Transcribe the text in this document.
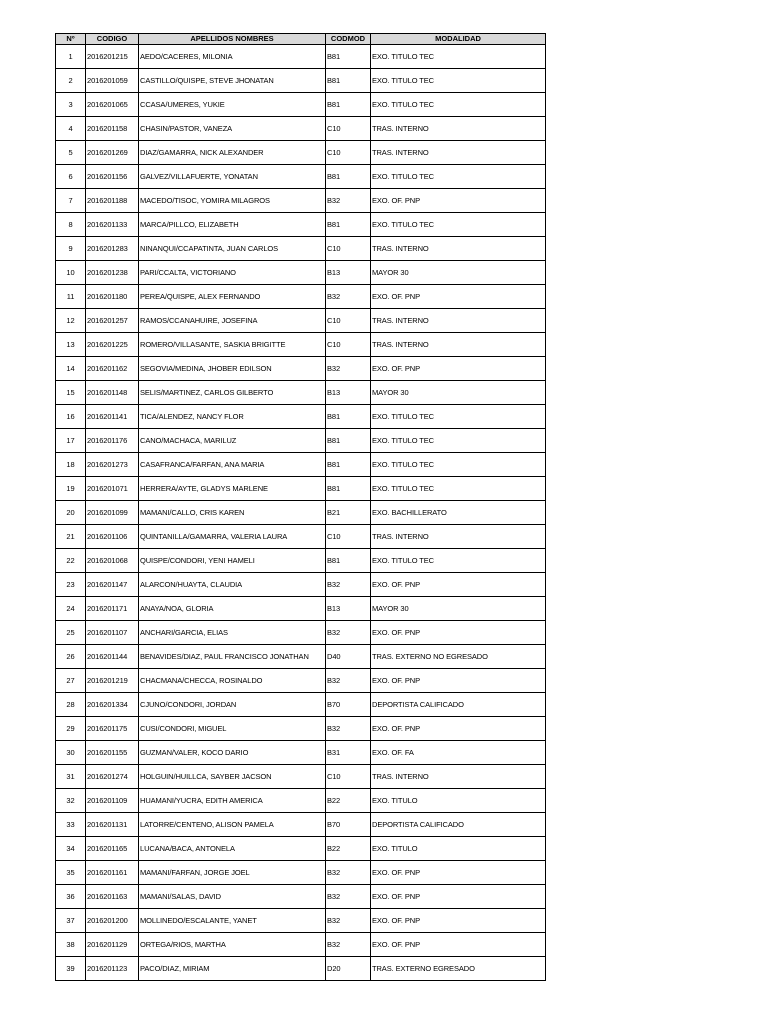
Nº	CODIGO	APELLIDOS NOMBRES	CODMOD	MODALIDAD
1	2016201215	AEDO/CACERES, MILONIA	B81	EXO. TITULO TEC
2	2016201059	CASTILLO/QUISPE, STEVE JHONATAN	B81	EXO. TITULO TEC
3	2016201065	CCASA/UMERES, YUKIE	B81	EXO. TITULO TEC
4	2016201158	CHASIN/PASTOR, VANEZA	C10	TRAS. INTERNO
5	2016201269	DIAZ/GAMARRA, NICK ALEXANDER	C10	TRAS. INTERNO
6	2016201156	GALVEZ/VILLAFUERTE, YONATAN	B81	EXO. TITULO TEC
7	2016201188	MACEDO/TISOC, YOMIRA MILAGROS	B32	EXO. OF. PNP
8	2016201133	MARCA/PILLCO, ELIZABETH	B81	EXO. TITULO TEC
9	2016201283	NINANQUI/CCAPATINTA, JUAN CARLOS	C10	TRAS. INTERNO
10	2016201238	PARI/CCALTA, VICTORIANO	B13	MAYOR 30
11	2016201180	PEREA/QUISPE, ALEX FERNANDO	B32	EXO. OF. PNP
12	2016201257	RAMOS/CCANAHUIRE, JOSEFINA	C10	TRAS. INTERNO
13	2016201225	ROMERO/VILLASANTE, SASKIA BRIGITTE	C10	TRAS. INTERNO
14	2016201162	SEGOVIA/MEDINA, JHOBER EDILSON	B32	EXO. OF. PNP
15	2016201148	SELIS/MARTINEZ, CARLOS GILBERTO	B13	MAYOR 30
16	2016201141	TICA/ALENDEZ, NANCY FLOR	B81	EXO. TITULO TEC
17	2016201176	CANO/MACHACA, MARILUZ	B81	EXO. TITULO TEC
18	2016201273	CASAFRANCA/FARFAN, ANA MARIA	B81	EXO. TITULO TEC
19	2016201071	HERRERA/AYTE, GLADYS MARLENE	B81	EXO. TITULO TEC
20	2016201099	MAMANI/CALLO, CRIS KAREN	B21	EXO. BACHILLERATO
21	2016201106	QUINTANILLA/GAMARRA, VALERIA LAURA	C10	TRAS. INTERNO
22	2016201068	QUISPE/CONDORI, YENI HAMELI	B81	EXO. TITULO TEC
23	2016201147	ALARCON/HUAYTA, CLAUDIA	B32	EXO. OF. PNP
24	2016201171	ANAYA/NOA, GLORIA	B13	MAYOR 30
25	2016201107	ANCHARI/GARCIA, ELIAS	B32	EXO. OF. PNP
26	2016201144	BENAVIDES/DIAZ, PAUL FRANCISCO JONATHAN	D40	TRAS. EXTERNO NO EGRESADO
27	2016201219	CHACMANA/CHECCA, ROSINALDO	B32	EXO. OF. PNP
28	2016201334	CJUNO/CONDORI, JORDAN	B70	DEPORTISTA CALIFICADO
29	2016201175	CUSI/CONDORI, MIGUEL	B32	EXO. OF. PNP
30	2016201155	GUZMAN/VALER, KOCO DARIO	B31	EXO. OF. FA
31	2016201274	HOLGUIN/HUILLCA, SAYBER JACSON	C10	TRAS. INTERNO
32	2016201109	HUAMANI/YUCRA, EDITH AMERICA	B22	EXO. TITULO
33	2016201131	LATORRE/CENTENO, ALISON PAMELA	B70	DEPORTISTA CALIFICADO
34	2016201165	LUCANA/BACA, ANTONELA	B22	EXO. TITULO
35	2016201161	MAMANI/FARFAN, JORGE JOEL	B32	EXO. OF. PNP
36	2016201163	MAMANI/SALAS, DAVID	B32	EXO. OF. PNP
37	2016201200	MOLLINEDO/ESCALANTE, YANET	B32	EXO. OF. PNP
38	2016201129	ORTEGA/RIOS, MARTHA	B32	EXO. OF. PNP
39	2016201123	PACO/DIAZ, MIRIAM	D20	TRAS. EXTERNO EGRESADO
